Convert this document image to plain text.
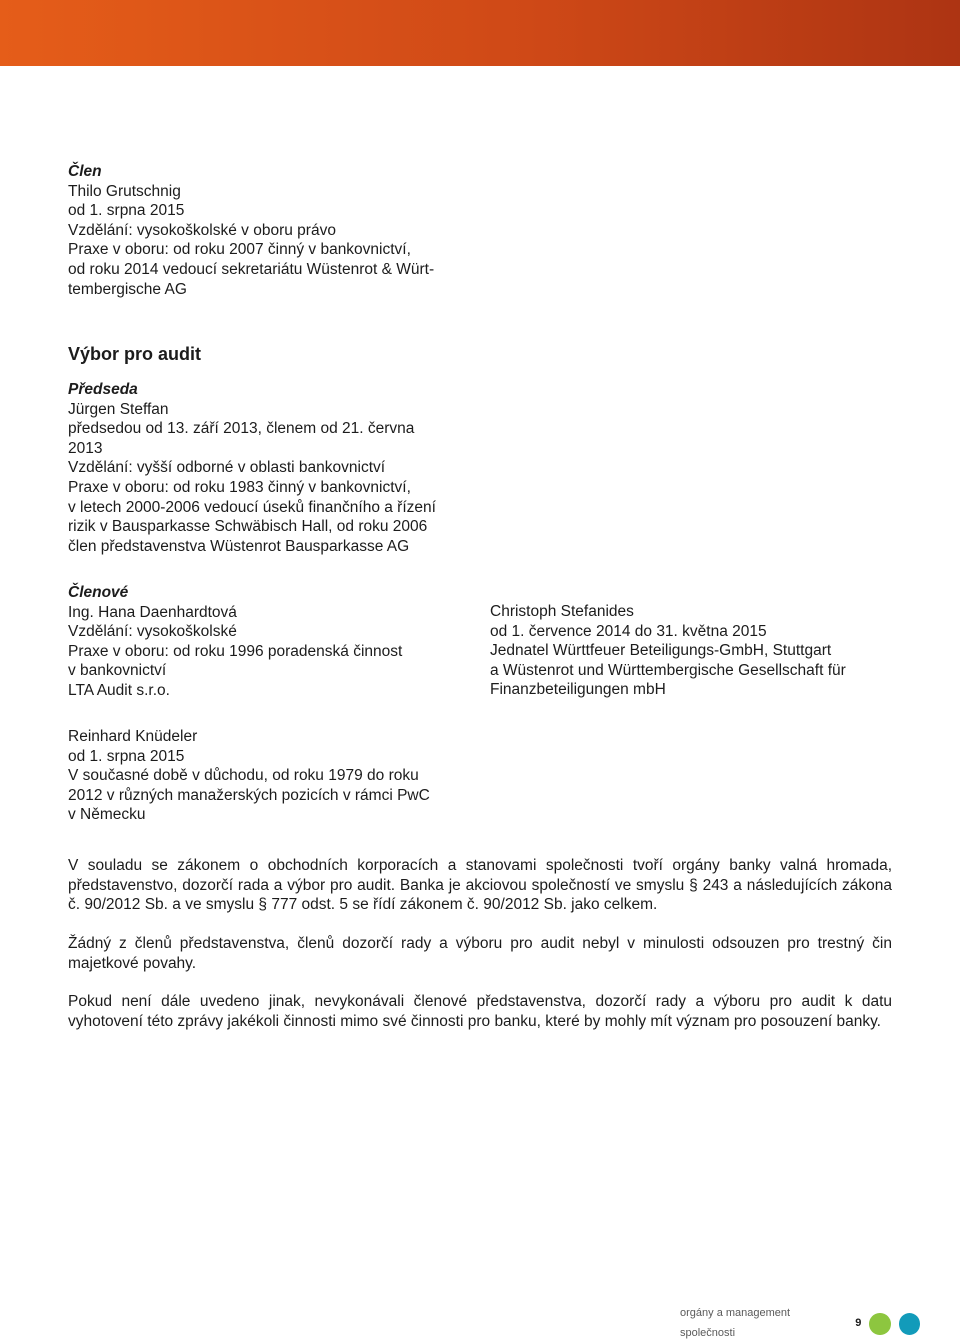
Člen
Thilo Grutschnig
od 1. srpna 2015
Vzdělání: vysokoškolské v oboru právo
Praxe v oboru: od roku 2007 činný v bankovnictví,
od roku 2014 vedoucí sekretariátu Wüstenrot & Würt-
tembergische AG
Výbor pro audit
Předseda
Jürgen Steffan
předsedou od 13. září 2013, členem od 21. června
2013
Vzdělání: vyšší odborné v oblasti bankovnictví
Praxe v oboru: od roku 1983 činný v bankovnictví,
v letech 2000-2006 vedoucí úseků finančního a řízení
rizik v Bausparkasse Schwäbisch Hall, od roku 2006
člen představenstva Wüstenrot Bausparkasse AG
Členové
Ing. Hana Daenhardtová
Vzdělání: vysokoškolské
Praxe v oboru: od roku 1996 poradenská činnost
v bankovnictví
LTA Audit s.r.o.
Christoph Stefanides
od 1. července 2014 do 31. května 2015
Jednatel Württfeuer Beteiligungs-GmbH, Stuttgart
a Wüstenrot und Württembergische Gesellschaft für
Finanzbeteiligungen mbH
Reinhard Knüdeler
od 1. srpna 2015
V současné době v důchodu, od roku 1979 do roku
2012 v různých manažerských pozicích v rámci PwC
v Německu

V souladu se zákonem o obchodních korporacích a stanovami společnosti tvoří orgány banky valná hromada, představenstvo, dozorčí rada a výbor pro audit. Banka je akciovou společností ve smyslu § 243 a následujících zákona č. 90/2012 Sb. a ve smyslu § 777 odst. 5 se řídí zákonem č. 90/2012 Sb. jako celkem.

Žádný z členů představenstva, členů dozorčí rady a výboru pro audit nebyl v minulosti odsouzen pro trestný čin majetkové povahy.

Pokud není dále uvedeno jinak, nevykonávali členové představenstva, dozorčí rady a výboru pro audit k datu vyhotovení této zprávy jakékoli činnosti mimo své činnosti pro banku, které by mohly mít význam pro posouzení banky.

orgány a management společnosti
9
